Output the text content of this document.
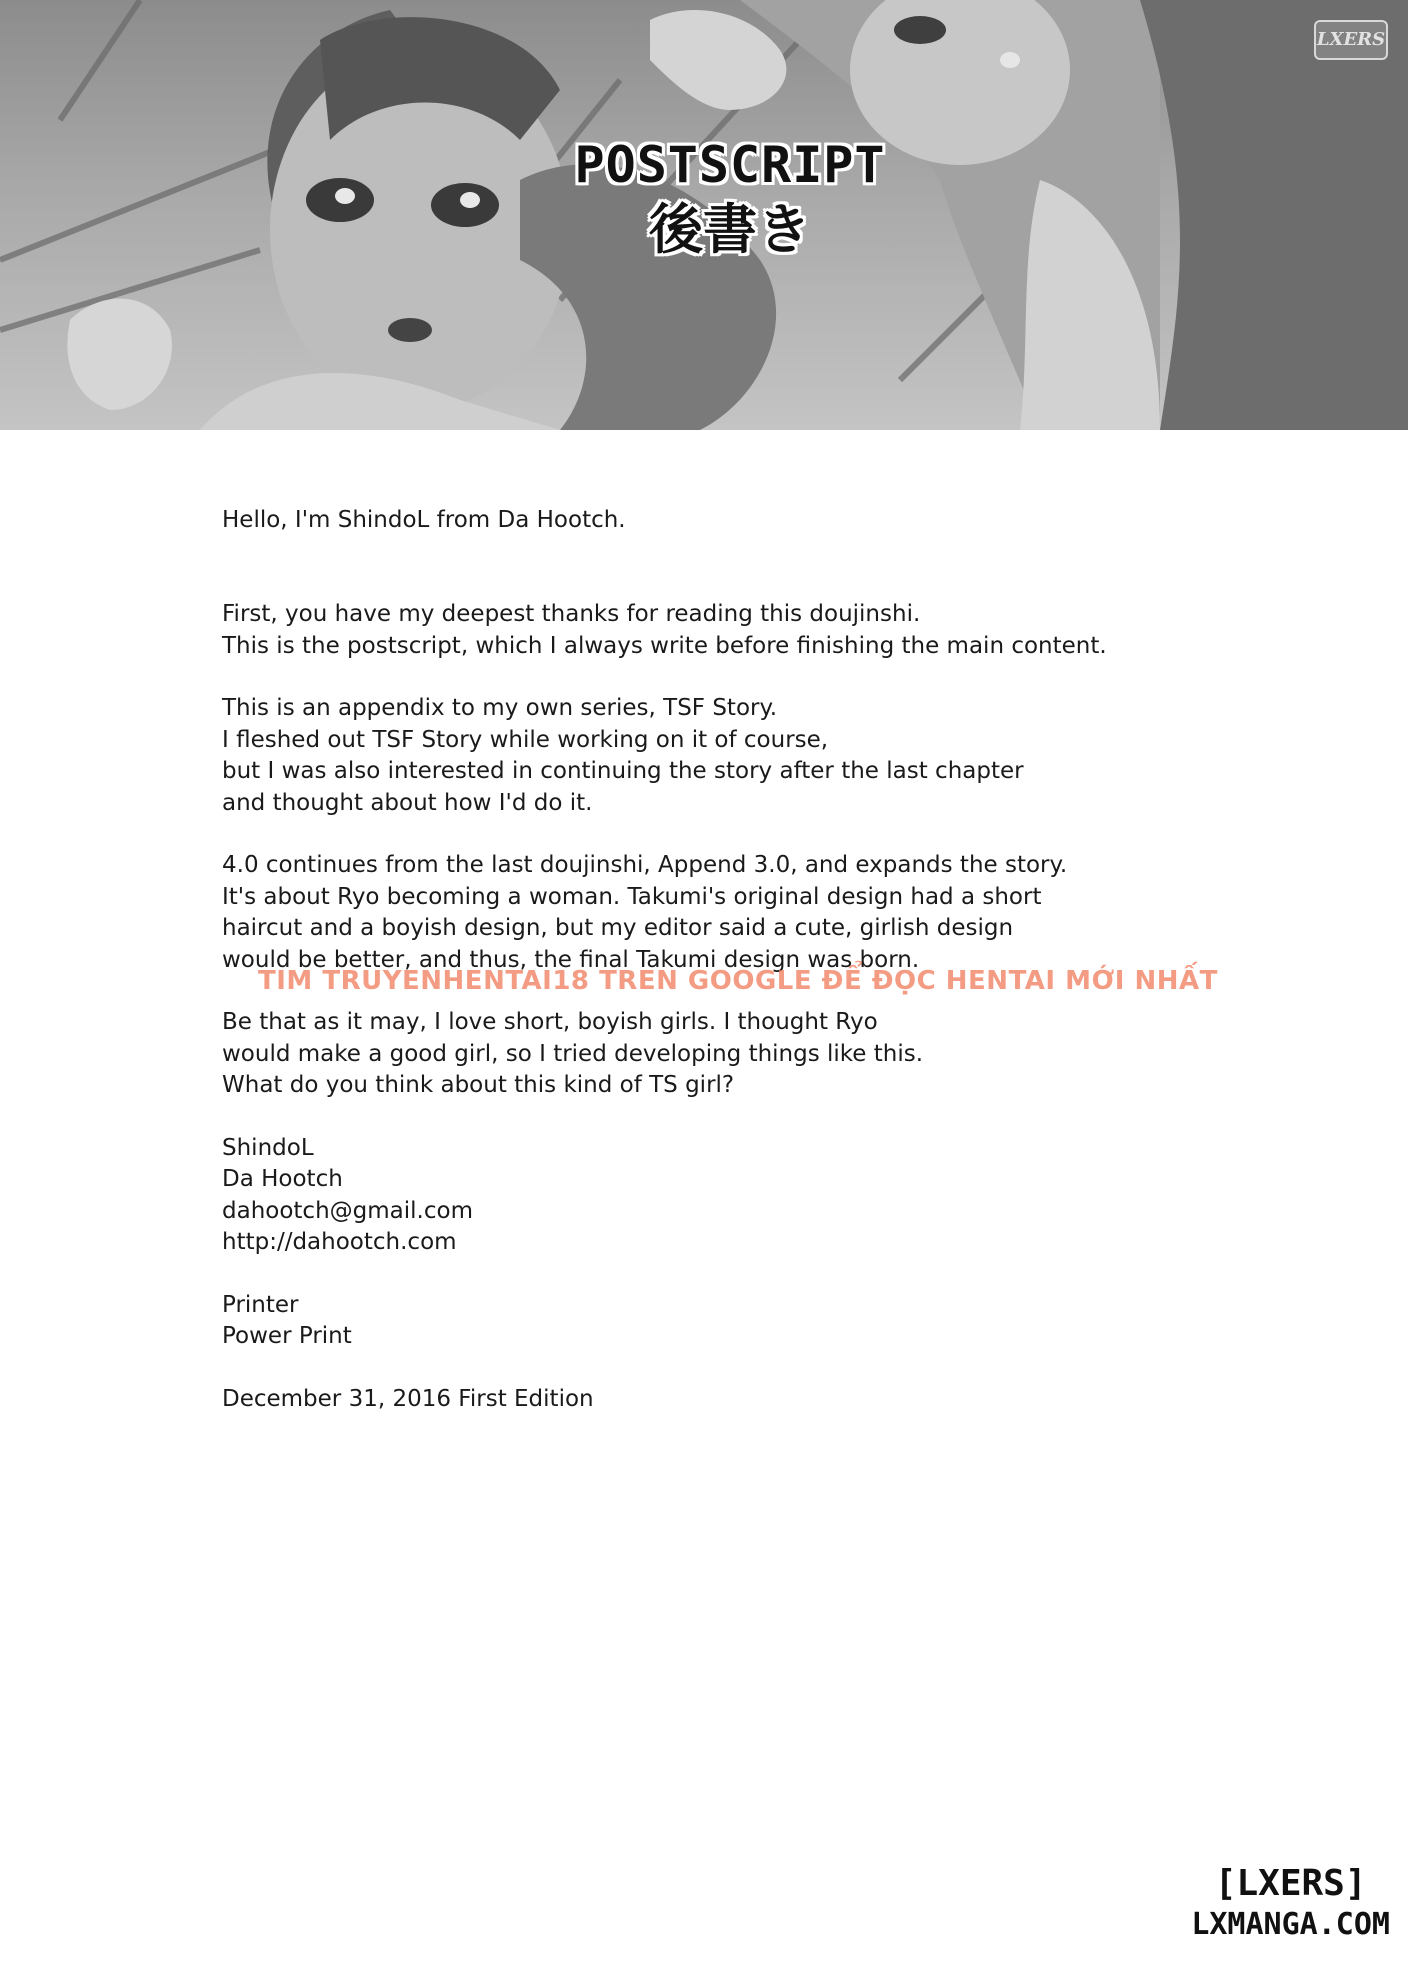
LXERS
POSTSCRIPT
後書き

Hello, I'm ShindoL from Da Hootch.

First, you have my deepest thanks for reading this doujinshi.

This is the postscript, which I always write before finishing the main content.

This is an appendix to my own series, TSF Story.

I fleshed out TSF Story while working on it of course,

but I was also interested in continuing the story after the last chapter

and thought about how I'd do it.

4.0 continues from the last doujinshi, Append 3.0, and expands the story.

It's about Ryo becoming a woman. Takumi's original design had a short

haircut and a boyish design, but my editor said a cute, girlish design

would be better, and thus, the final Takumi design was born.

Be that as it may, I love short, boyish girls. I thought Ryo

would make a good girl, so I tried developing things like this.

What do you think about this kind of TS girl?

ShindoL

Da Hootch

dahootch@gmail.com

http://dahootch.com

Printer

Power Print

December 31, 2016 First Edition

TIM TRUYENHENTAI18 TREN GOOGLE ĐỂ ĐỌC HENTAI MỚI NHẤT
[LXERS]
LXMANGA.COM
